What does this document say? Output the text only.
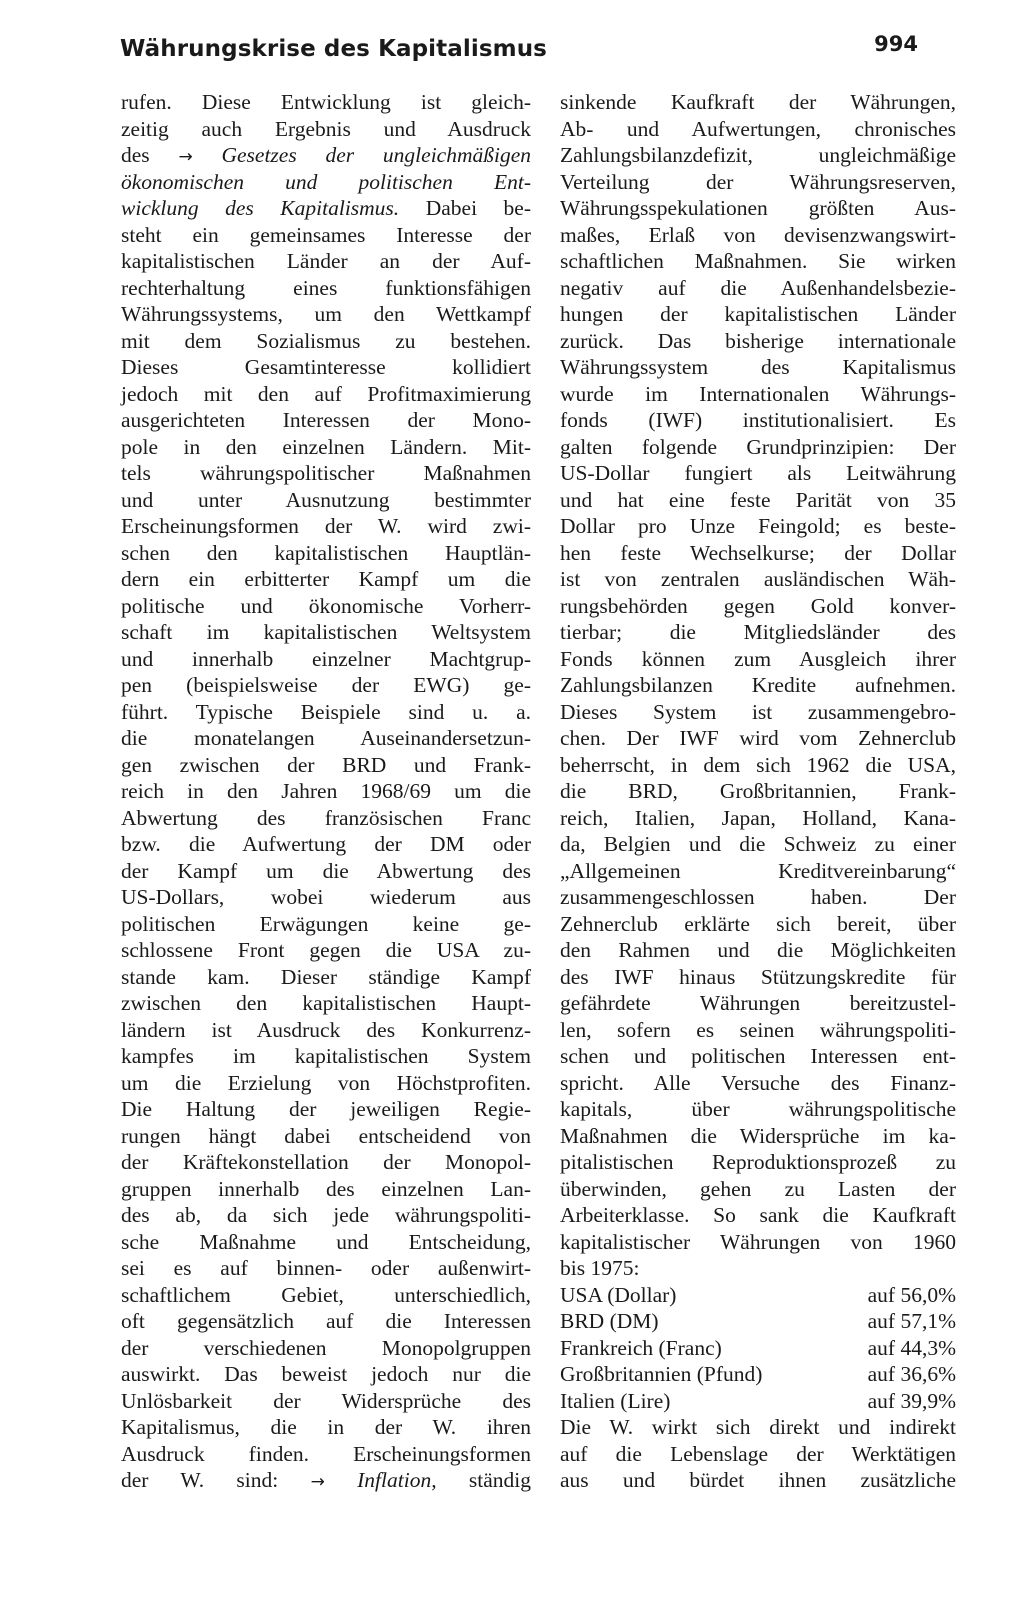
Währungskrise des Kapitalismus	994
rufen. Diese Entwicklung ist gleich-
zeitig auch Ergebnis und Ausdruck
des → Gesetzes der ungleichmäßigen
ökonomischen und politischen Ent-
wicklung des Kapitalismus. Dabei be-
steht ein gemeinsames Interesse der
kapitalistischen Länder an der Auf-
rechterhaltung eines funktionsfähigen
Währungssystems, um den Wettkampf
mit dem Sozialismus zu bestehen.
Dieses Gesamtinteresse kollidiert
jedoch mit den auf Profitmaximierung
ausgerichteten Interessen der Mono-
pole in den einzelnen Ländern. Mit-
tels währungspolitischer Maßnahmen
und unter Ausnutzung bestimmter
Erscheinungsformen der W. wird zwi-
schen den kapitalistischen Hauptlän-
dern ein erbitterter Kampf um die
politische und ökonomische Vorherr-
schaft im kapitalistischen Weltsystem
und innerhalb einzelner Machtgrup-
pen (beispielsweise der EWG) ge-
führt. Typische Beispiele sind u. a.
die monatelangen Auseinandersetzun-
gen zwischen der BRD und Frank-
reich in den Jahren 1968/69 um die
Abwertung des französischen Franc
bzw. die Aufwertung der DM oder
der Kampf um die Abwertung des
US-Dollars, wobei wiederum aus
politischen Erwägungen keine ge-
schlossene Front gegen die USA zu-
stande kam. Dieser ständige Kampf
zwischen den kapitalistischen Haupt-
ländern ist Ausdruck des Konkurrenz-
kampfes im kapitalistischen System
um die Erzielung von Höchstprofiten.
Die Haltung der jeweiligen Regie-
rungen hängt dabei entscheidend von
der Kräftekonstellation der Monopol-
gruppen innerhalb des einzelnen Lan-
des ab, da sich jede währungspoliti-
sche Maßnahme und Entscheidung,
sei es auf binnen- oder außenwirt-
schaftlichem Gebiet, unterschiedlich,
oft gegensätzlich auf die Interessen
der verschiedenen Monopolgruppen
auswirkt. Das beweist jedoch nur die
Unlösbarkeit der Widersprüche des
Kapitalismus, die in der W. ihren
Ausdruck finden. Erscheinungsformen
der W. sind: → Inflation, ständig
sinkende Kaufkraft der Währungen,
Ab- und Aufwertungen, chronisches
Zahlungsbilanzdefizit, ungleichmäßige
Verteilung der Währungsreserven,
Währungsspekulationen größten Aus-
maßes, Erlaß von devisenzwangswirt-
schaftlichen Maßnahmen. Sie wirken
negativ auf die Außenhandelsbezie-
hungen der kapitalistischen Länder
zurück. Das bisherige internationale
Währungssystem des Kapitalismus
wurde im Internationalen Währungs-
fonds (IWF) institutionalisiert. Es
galten folgende Grundprinzipien: Der
US-Dollar fungiert als Leitwährung
und hat eine feste Parität von 35
Dollar pro Unze Feingold; es beste-
hen feste Wechselkurse; der Dollar
ist von zentralen ausländischen Wäh-
rungsbehörden gegen Gold konver-
tierbar; die Mitgliedsländer des
Fonds können zum Ausgleich ihrer
Zahlungsbilanzen Kredite aufnehmen.
Dieses System ist zusammengebro-
chen. Der IWF wird vom Zehnerclub
beherrscht, in dem sich 1962 die USA,
die BRD, Großbritannien, Frank-
reich, Italien, Japan, Holland, Kana-
da, Belgien und die Schweiz zu einer
„Allgemeinen Kreditvereinbarung“
zusammengeschlossen haben. Der
Zehnerclub erklärte sich bereit, über
den Rahmen und die Möglichkeiten
des IWF hinaus Stützungskredite für
gefährdete Währungen bereitzustel-
len, sofern es seinen währungspoliti-
schen und politischen Interessen ent-
spricht. Alle Versuche des Finanz-
kapitals, über währungspolitische
Maßnahmen die Widersprüche im ka-
pitalistischen Reproduktionsprozeß zu
überwinden, gehen zu Lasten der
Arbeiterklasse. So sank die Kaufkraft
kapitalistischer Währungen von 1960
bis 1975:
USA (Dollar)	auf 56,0%
BRD (DM)	auf 57,1%
Frankreich (Franc)	auf 44,3%
Großbritannien (Pfund)	auf 36,6%
Italien (Lire)	auf 39,9%
Die W. wirkt sich direkt und indirekt
auf die Lebenslage der Werktätigen
aus und bürdet ihnen zusätzliche
